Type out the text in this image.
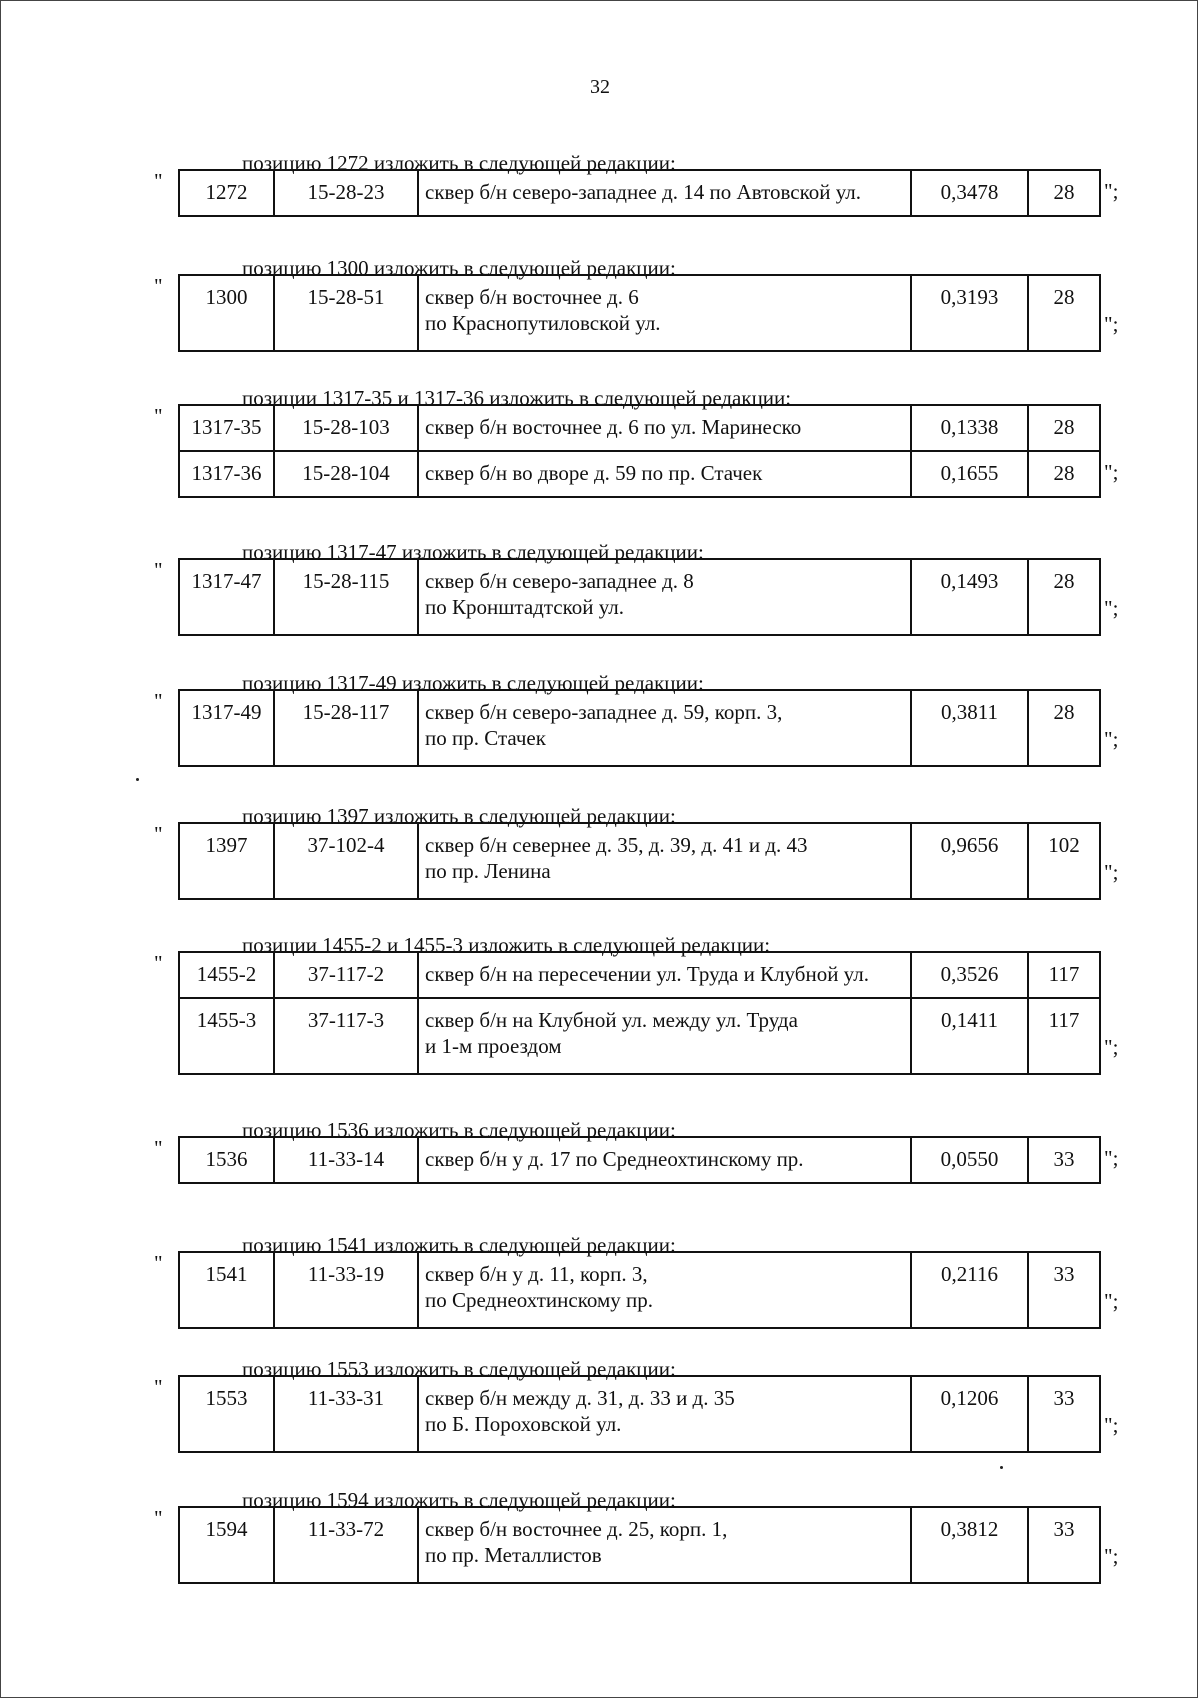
32
позицию 1272 изложить в следующей редакции:
" 1272	15-28-23	сквер б/н северо-западнее д. 14 по Автовской ул.	0,3478	28 ";
позицию 1300 изложить в следующей редакции:
" 1300	15-28-51	сквер б/н восточнее д. 6
по Краснопутиловской ул.	0,3193	28
";
позиции 1317-35 и 1317-36 изложить в следующей редакции:
" 1317-35	15-28-103	сквер б/н восточнее д. 6 по ул. Маринеско	0,1338	28
1317-36	15-28-104	сквер б/н во дворе д. 59 по пр. Стачек	0,1655	28 ";
позицию 1317-47 изложить в следующей редакции:
" 1317-47	15-28-115	сквер б/н северо-западнее д. 8
по Кронштадтской ул.	0,1493	28
";
позицию 1317-49 изложить в следующей редакции:
" 1317-49	15-28-117	сквер б/н северо-западнее д. 59, корп. 3,
по пр. Стачек	0,3811	28
";
позицию 1397 изложить в следующей редакции:
" 1397	37-102-4	сквер б/н севернее д. 35, д. 39, д. 41 и д. 43
по пр. Ленина	0,9656	102
";
позиции 1455-2 и 1455-3 изложить в следующей редакции:
" 1455-2	37-117-2	сквер б/н на пересечении ул. Труда и Клубной ул.	0,3526	117
1455-3	37-117-3	сквер б/н на Клубной ул. между ул. Труда
и 1-м проездом	0,1411	117
";
позицию 1536 изложить в следующей редакции:
" 1536	11-33-14	сквер б/н у д. 17 по Среднеохтинскому пр.	0,0550	33 ";
позицию 1541 изложить в следующей редакции:
" 1541	11-33-19	сквер б/н у д. 11, корп. 3,
по Среднеохтинскому пр.	0,2116	33
";
позицию 1553 изложить в следующей редакции:
" 1553	11-33-31	сквер б/н между д. 31, д. 33 и д. 35
по Б. Пороховской ул.	0,1206	33
";
позицию 1594 изложить в следующей редакции:
" 1594	11-33-72	сквер б/н восточнее д. 25, корп. 1,
по пр. Металлистов	0,3812	33
";
